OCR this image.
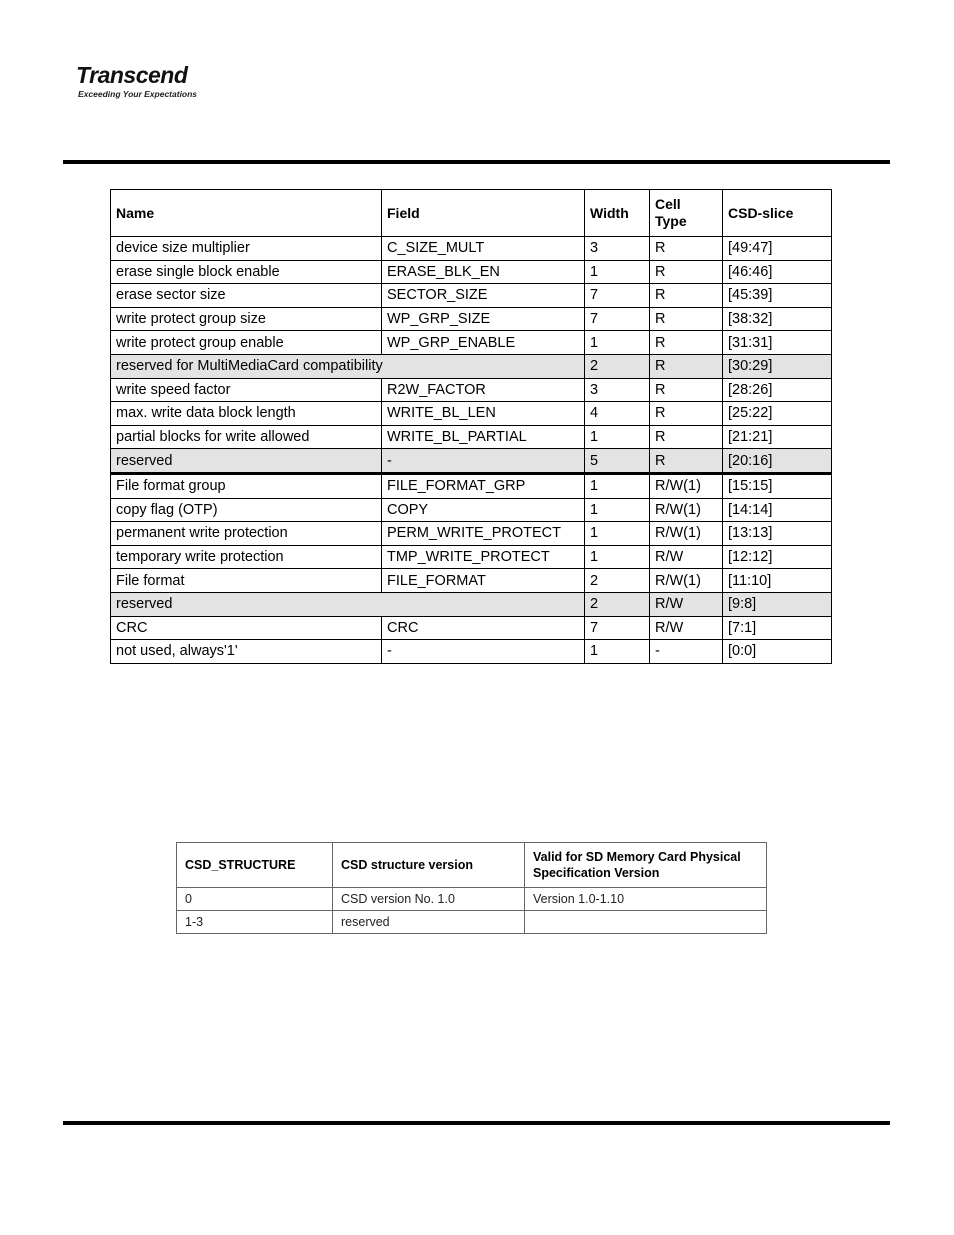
Transcend
Exceeding Your Expectations
Name	Field	Width	Cell Type	CSD-slice
device size multiplier	C_SIZE_MULT	3	R	[49:47]
erase single block enable	ERASE_BLK_EN	1	R	[46:46]
erase sector size	SECTOR_SIZE	7	R	[45:39]
write protect group size	WP_GRP_SIZE	7	R	[38:32]
write protect group enable	WP_GRP_ENABLE	1	R	[31:31]
reserved for MultiMediaCard compatibility		2	R	[30:29]
write speed factor	R2W_FACTOR	3	R	[28:26]
max. write data block length	WRITE_BL_LEN	4	R	[25:22]
partial blocks for write allowed	WRITE_BL_PARTIAL	1	R	[21:21]
reserved	-	5	R	[20:16]
File format group	FILE_FORMAT_GRP	1	R/W(1)	[15:15]
copy flag (OTP)	COPY	1	R/W(1)	[14:14]
permanent write protection	PERM_WRITE_PROTECT	1	R/W(1)	[13:13]
temporary write protection	TMP_WRITE_PROTECT	1	R/W	[12:12]
File format	FILE_FORMAT	2	R/W(1)	[11:10]
reserved		2	R/W	[9:8]
CRC	CRC	7	R/W	[7:1]
not used, always'1'	-	1	-	[0:0]
CSD_STRUCTURE	CSD structure version	Valid for SD Memory Card Physical Specification Version
0	CSD version No. 1.0	Version 1.0-1.10
1-3	reserved	
